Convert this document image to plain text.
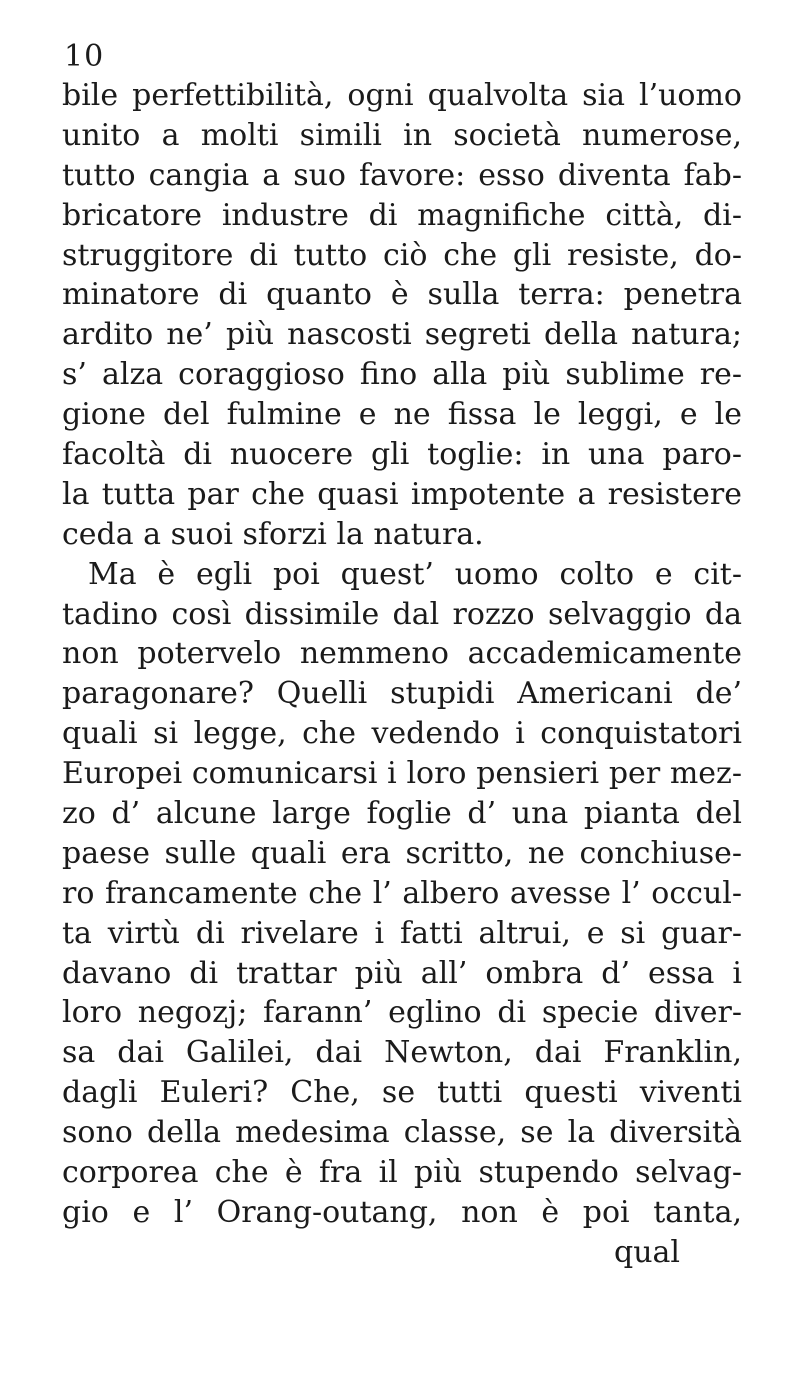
10
bile perfettibilità, ogni qualvolta sia l’uomo
unito a molti simili in società numerose,
tutto cangia a suo favore: esso diventa fab-
bricatore industre di magnifiche città, di-
struggitore di tutto ciò che gli resiste, do-
minatore di quanto è sulla terra: penetra
ardito ne’ più nascosti segreti della natura;
s’ alza coraggioso fino alla più sublime re-
gione del fulmine e ne fissa le leggi, e le
facoltà di nuocere gli toglie: in una paro-
la tutta par che quasi impotente a resistere
ceda a suoi sforzi la natura.
Ma è egli poi quest’ uomo colto e cit-
tadino così dissimile dal rozzo selvaggio da
non potervelo nemmeno accademicamente
paragonare? Quelli stupidi Americani de’
quali si legge, che vedendo i conquistatori
Europei comunicarsi i loro pensieri per mez-
zo d’ alcune large foglie d’ una pianta del
paese sulle quali era scritto, ne conchiuse-
ro francamente che l’ albero avesse l’ occul-
ta virtù di rivelare i fatti altrui, e si guar-
davano di trattar più all’ ombra d’ essa i
loro negozj; farann’ eglino di specie diver-
sa dai Galilei, dai Newton, dai Franklin,
dagli Euleri? Che, se tutti questi viventi
sono della medesima classe, se la diversità
corporea che è fra il più stupendo selvag-
gio e l’ Orang-outang, non è poi tanta,
qual
